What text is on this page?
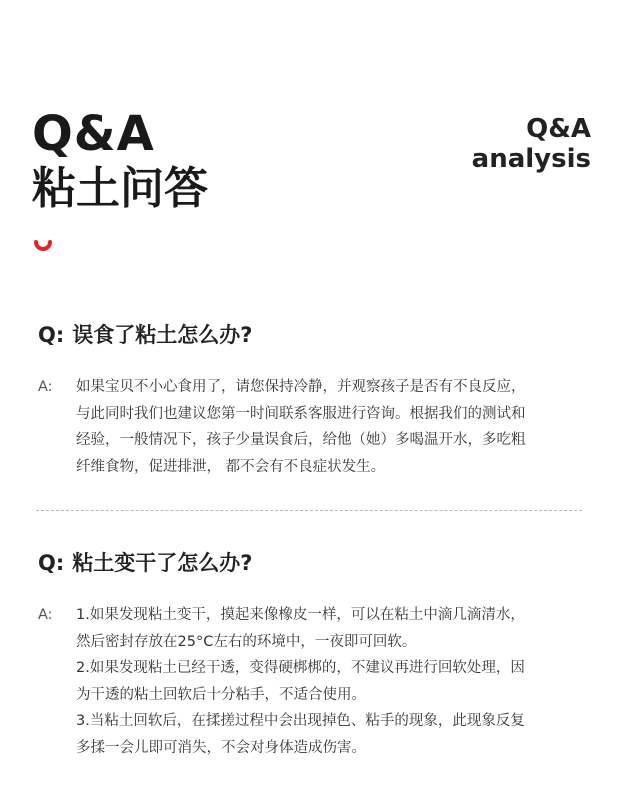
Q&A
粘土问答
Q&A
analysis
Q: 误食了粘土怎么办?
A:	如果宝贝不小心食用了，请您保持冷静，并观察孩子是否有不良反应，
与此同时我们也建议您第一时间联系客服进行咨询。根据我们的测试和
经验，一般情况下，孩子少量误食后，给他（她）多喝温开水，多吃粗
纤维食物，促进排泄， 都不会有不良症状发生。
Q: 粘土变干了怎么办?
A:	1.如果发现粘土变干，摸起来像橡皮一样，可以在粘土中滴几滴清水，
然后密封存放在25°C左右的环境中，一夜即可回软。
2.如果发现粘土已经干透，变得硬梆梆的，不建议再进行回软处理，因
为干透的粘土回软后十分粘手，不适合使用。
3.当粘土回软后，在揉搓过程中会出现掉色、粘手的现象，此现象反复
多揉一会儿即可消失，不会对身体造成伤害。
